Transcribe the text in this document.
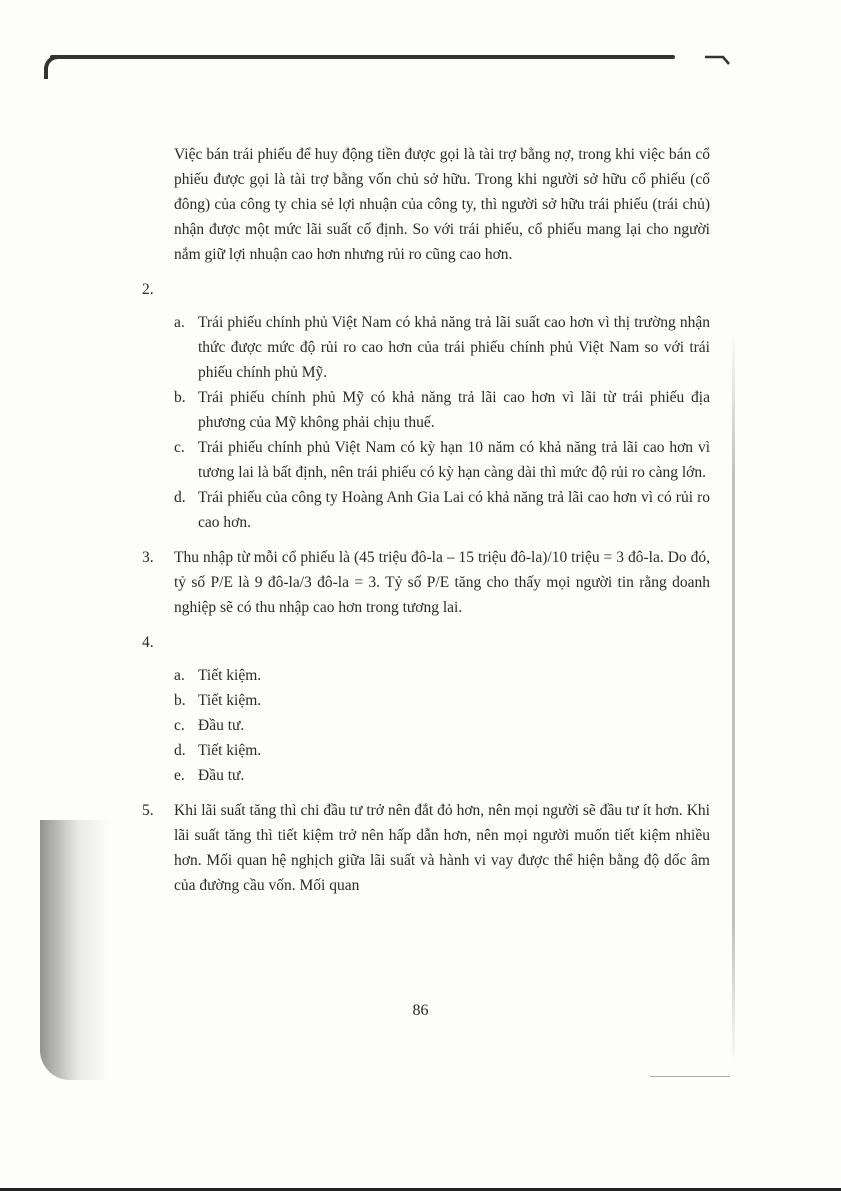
Việc bán trái phiếu để huy động tiền được gọi là tài trợ bằng nợ, trong khi việc bán cổ phiếu được gọi là tài trợ bằng vốn chủ sở hữu. Trong khi người sở hữu cổ phiếu (cổ đông) của công ty chia sẻ lợi nhuận của công ty, thì người sở hữu trái phiếu (trái chủ) nhận được một mức lãi suất cố định. So với trái phiếu, cổ phiếu mang lại cho người nắm giữ lợi nhuận cao hơn nhưng rủi ro cũng cao hơn.

2.

a. Trái phiếu chính phủ Việt Nam có khả năng trả lãi suất cao hơn vì thị trường nhận thức được mức độ rủi ro cao hơn của trái phiếu chính phủ Việt Nam so với trái phiếu chính phủ Mỹ.
b. Trái phiếu chính phủ Mỹ có khả năng trả lãi cao hơn vì lãi từ trái phiếu địa phương của Mỹ không phải chịu thuế.
c. Trái phiếu chính phủ Việt Nam có kỳ hạn 10 năm có khả năng trả lãi cao hơn vì tương lai là bất định, nên trái phiếu có kỳ hạn càng dài thì mức độ rủi ro càng lớn.
d. Trái phiếu của công ty Hoàng Anh Gia Lai có khả năng trả lãi cao hơn vì có rủi ro cao hơn.
3. Thu nhập từ mỗi cổ phiếu là (45 triệu đô-la – 15 triệu đô-la)/10 triệu = 3 đô-la. Do đó, tỷ số P/E là 9 đô-la/3 đô-la = 3. Tỷ số P/E tăng cho thấy mọi người tin rằng doanh nghiệp sẽ có thu nhập cao hơn trong tương lai.
4.

a. Tiết kiệm.
b. Tiết kiệm.
c. Đầu tư.
d. Tiết kiệm.
e. Đầu tư.
5. Khi lãi suất tăng thì chi đầu tư trở nên đắt đỏ hơn, nên mọi người sẽ đầu tư ít hơn. Khi lãi suất tăng thì tiết kiệm trở nên hấp dẫn hơn, nên mọi người muốn tiết kiệm nhiều hơn. Mối quan hệ nghịch giữa lãi suất và hành vi vay được thể hiện bằng độ dốc âm của đường cầu vốn. Mối quan
86
